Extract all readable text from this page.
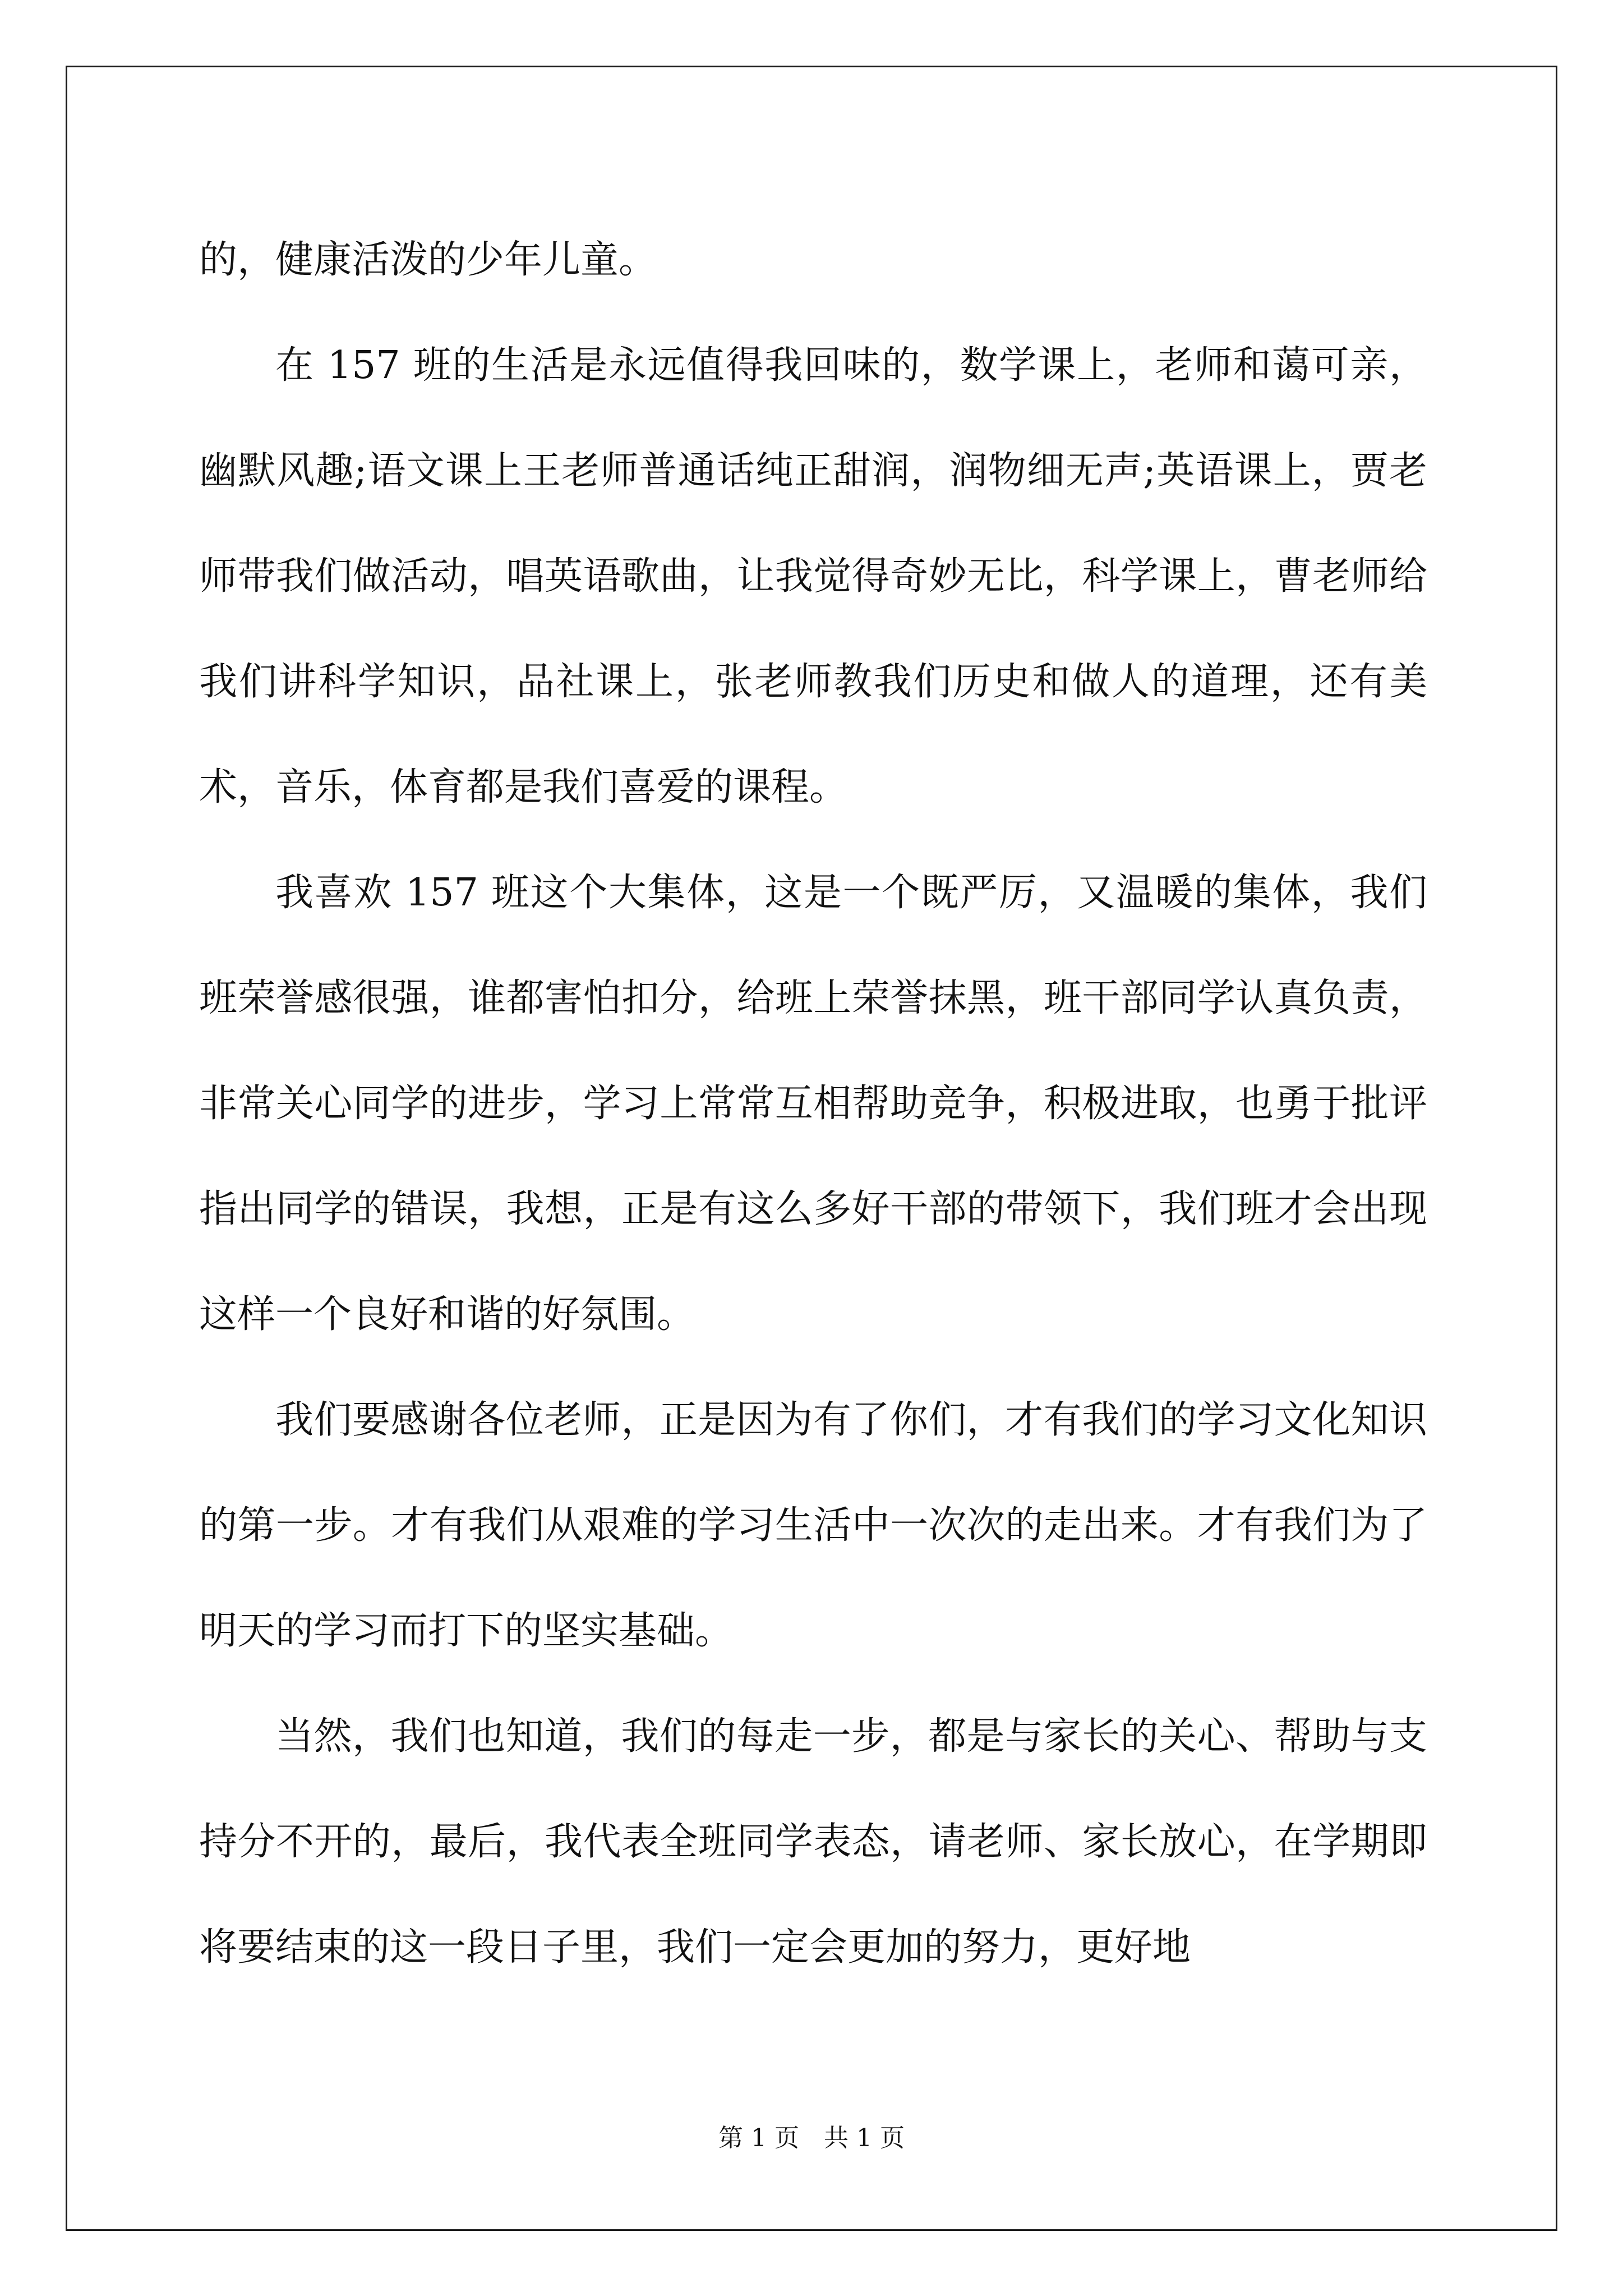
的，健康活泼的少年儿童。

在 157 班的生活是永远值得我回味的，数学课上，老师和蔼可亲，幽默风趣;语文课上王老师普通话纯正甜润，润物细无声;英语课上，贾老师带我们做活动，唱英语歌曲，让我觉得奇妙无比，科学课上，曹老师给我们讲科学知识，品社课上，张老师教我们历史和做人的道理，还有美术，音乐，体育都是我们喜爱的课程。

我喜欢 157 班这个大集体，这是一个既严厉，又温暖的集体，我们班荣誉感很强，谁都害怕扣分，给班上荣誉抹黑，班干部同学认真负责，非常关心同学的进步，学习上常常互相帮助竞争，积极进取，也勇于批评指出同学的错误，我想，正是有这么多好干部的带领下，我们班才会出现这样一个良好和谐的好氛围。

我们要感谢各位老师，正是因为有了你们，才有我们的学习文化知识的第一步。才有我们从艰难的学习生活中一次次的走出来。才有我们为了明天的学习而打下的坚实基础。

当然，我们也知道，我们的每走一步，都是与家长的关心、帮助与支持分不开的，最后，我代表全班同学表态，请老师、家长放心，在学期即将要结束的这一段日子里，我们一定会更加的努力，更好地

第 1 页　共 1 页
